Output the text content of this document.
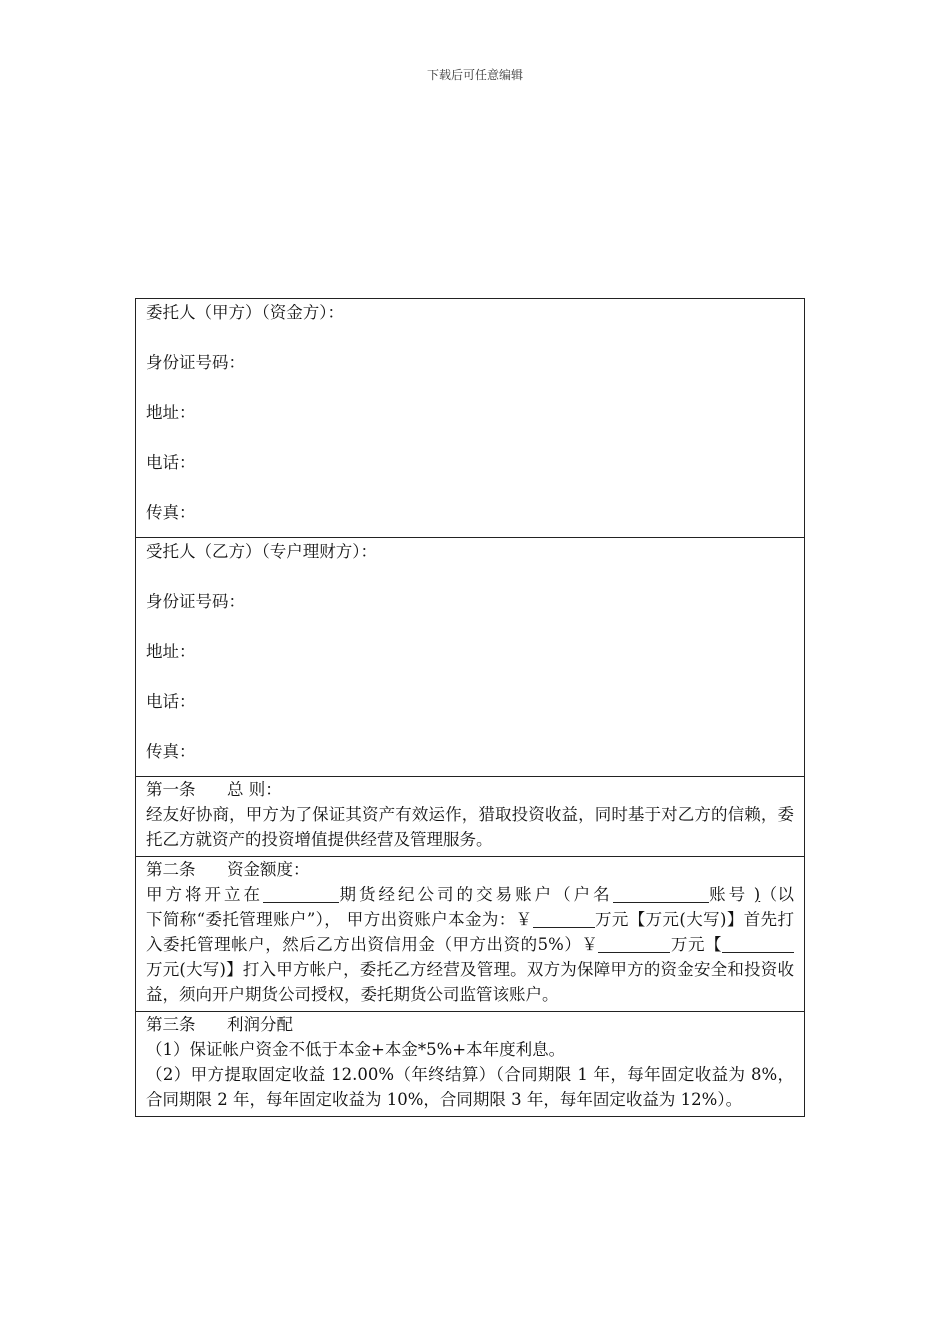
下载后可任意编辑
委托人（甲方）（资金方）：
身份证号码：
地址：
电话：
传真：

受托人（乙方）（专户理财方）：
身份证号码：
地址：
电话：
传真：

第一条      总 则：
经友好协商，甲方为了保证其资产有效运作，猎取投资收益，同时基于对乙方的信赖，委托乙方就资产的投资增值提供经营及管理服务。

第二条      资金额度：
甲方将开立在	期货经纪公司的交易账户（户名	账号 )（以下简称“委托管理账户”）， 甲方出资账户本金为：￥	万元【万元(大写)】首先打入委托管理帐户，然后乙方出资信用金（甲方出资的5%）￥	万元【万元(大写)】打入甲方帐户，委托乙方经营及管理。双方为保障甲方的资金安全和投资收益，须向开户期货公司授权，委托期货公司监管该账户。

第三条      利润分配
（1）保证帐户资金不低于本金+本金*5%+本年度利息。
（2）甲方提取固定收益 12.00%（年终结算）（合同期限 1 年，每年固定收益为 8%，合同期限 2 年，每年固定收益为 10%，合同期限 3 年，每年固定收益为 12%）。
